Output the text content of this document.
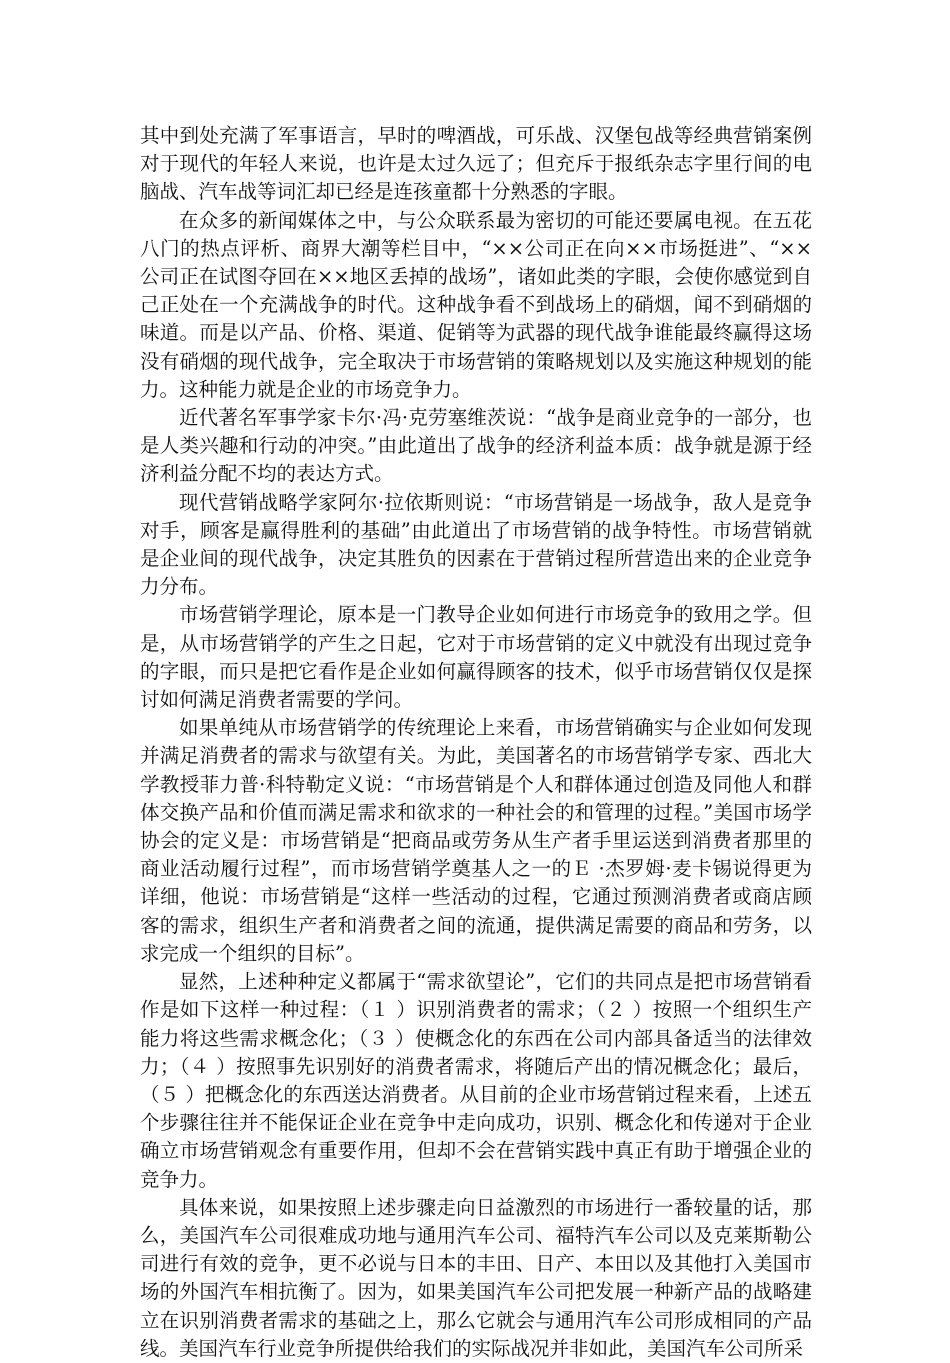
其中到处充满了军事语言，早时的啤酒战，可乐战、汉堡包战等经典营销案例对于现代的年轻人来说，也许是太过久远了；但充斥于报纸杂志字里行间的电脑战、汽车战等词汇却已经是连孩童都十分熟悉的字眼。

在众多的新闻媒体之中，与公众联系最为密切的可能还要属电视。在五花八门的热点评析、商界大潮等栏目中，“××公司正在向××市场挺进”、“××公司正在试图夺回在××地区丢掉的战场”，诸如此类的字眼，会使你感觉到自己正处在一个充满战争的时代。这种战争看不到战场上的硝烟，闻不到硝烟的味道。而是以产品、价格、渠道、促销等为武器的现代战争谁能最终赢得这场没有硝烟的现代战争，完全取决于市场营销的策略规划以及实施这种规划的能力。这种能力就是企业的市场竞争力。

近代著名军事学家卡尔·冯·克劳塞维茨说：“战争是商业竞争的一部分，也是人类兴趣和行动的冲突。”由此道出了战争的经济利益本质：战争就是源于经济利益分配不均的表达方式。

现代营销战略学家阿尔·拉依斯则说：“市场营销是一场战争，敌人是竞争对手，顾客是赢得胜利的基础”由此道出了市场营销的战争特性。市场营销就是企业间的现代战争，决定其胜负的因素在于营销过程所营造出来的企业竞争力分布。

市场营销学理论，原本是一门教导企业如何进行市场竞争的致用之学。但是，从市场营销学的产生之日起，它对于市场营销的定义中就没有出现过竞争的字眼，而只是把它看作是企业如何赢得顾客的技术，似乎市场营销仅仅是探讨如何满足消费者需要的学问。

如果单纯从市场营销学的传统理论上来看，市场营销确实与企业如何发现并满足消费者的需求与欲望有关。为此，美国著名的市场营销学专家、西北大学教授菲力普·科特勒定义说：“市场营销是个人和群体通过创造及同他人和群体交换产品和价值而满足需求和欲求的一种社会的和管理的过程。”美国市场学协会的定义是：市场营销是“把商品或劳务从生产者手里运送到消费者那里的商业活动履行过程”，而市场营销学奠基人之一的Ｅ ·杰罗姆·麦卡锡说得更为详细，他说：市场营销是“这样一些活动的过程，它通过预测消费者或商店顾客的需求，组织生产者和消费者之间的流通，提供满足需要的商品和劳务，以求完成一个组织的目标”。

显然，上述种种定义都属于“需求欲望论”，它们的共同点是把市场营销看作是如下这样一种过程：（１ ）识别消费者的需求；（２ ）按照一个组织生产能力将这些需求概念化；（３ ）使概念化的东西在公司内部具备适当的法律效力；（４ ）按照事先识别好的消费者需求，将随后产出的情况概念化；最后，（５ ）把概念化的东西送达消费者。从目前的企业市场营销过程来看，上述五个步骤往往并不能保证企业在竞争中走向成功，识别、概念化和传递对于企业确立市场营销观念有重要作用，但却不会在营销实践中真正有助于增强企业的竞争力。

具体来说，如果按照上述步骤走向日益激烈的市场进行一番较量的话，那么，美国汽车公司很难成功地与通用汽车公司、福特汽车公司以及克莱斯勒公司进行有效的竞争，更不必说与日本的丰田、日产、本田以及其他打入美国市场的外国汽车相抗衡了。因为，如果美国汽车公司把发展一种新产品的战略建立在识别消费者需求的基础之上，那么它就会与通用汽车公司形成相同的产品线。美国汽车行业竞争所提供给我们的实际战况并非如此，美国汽车公司所采
